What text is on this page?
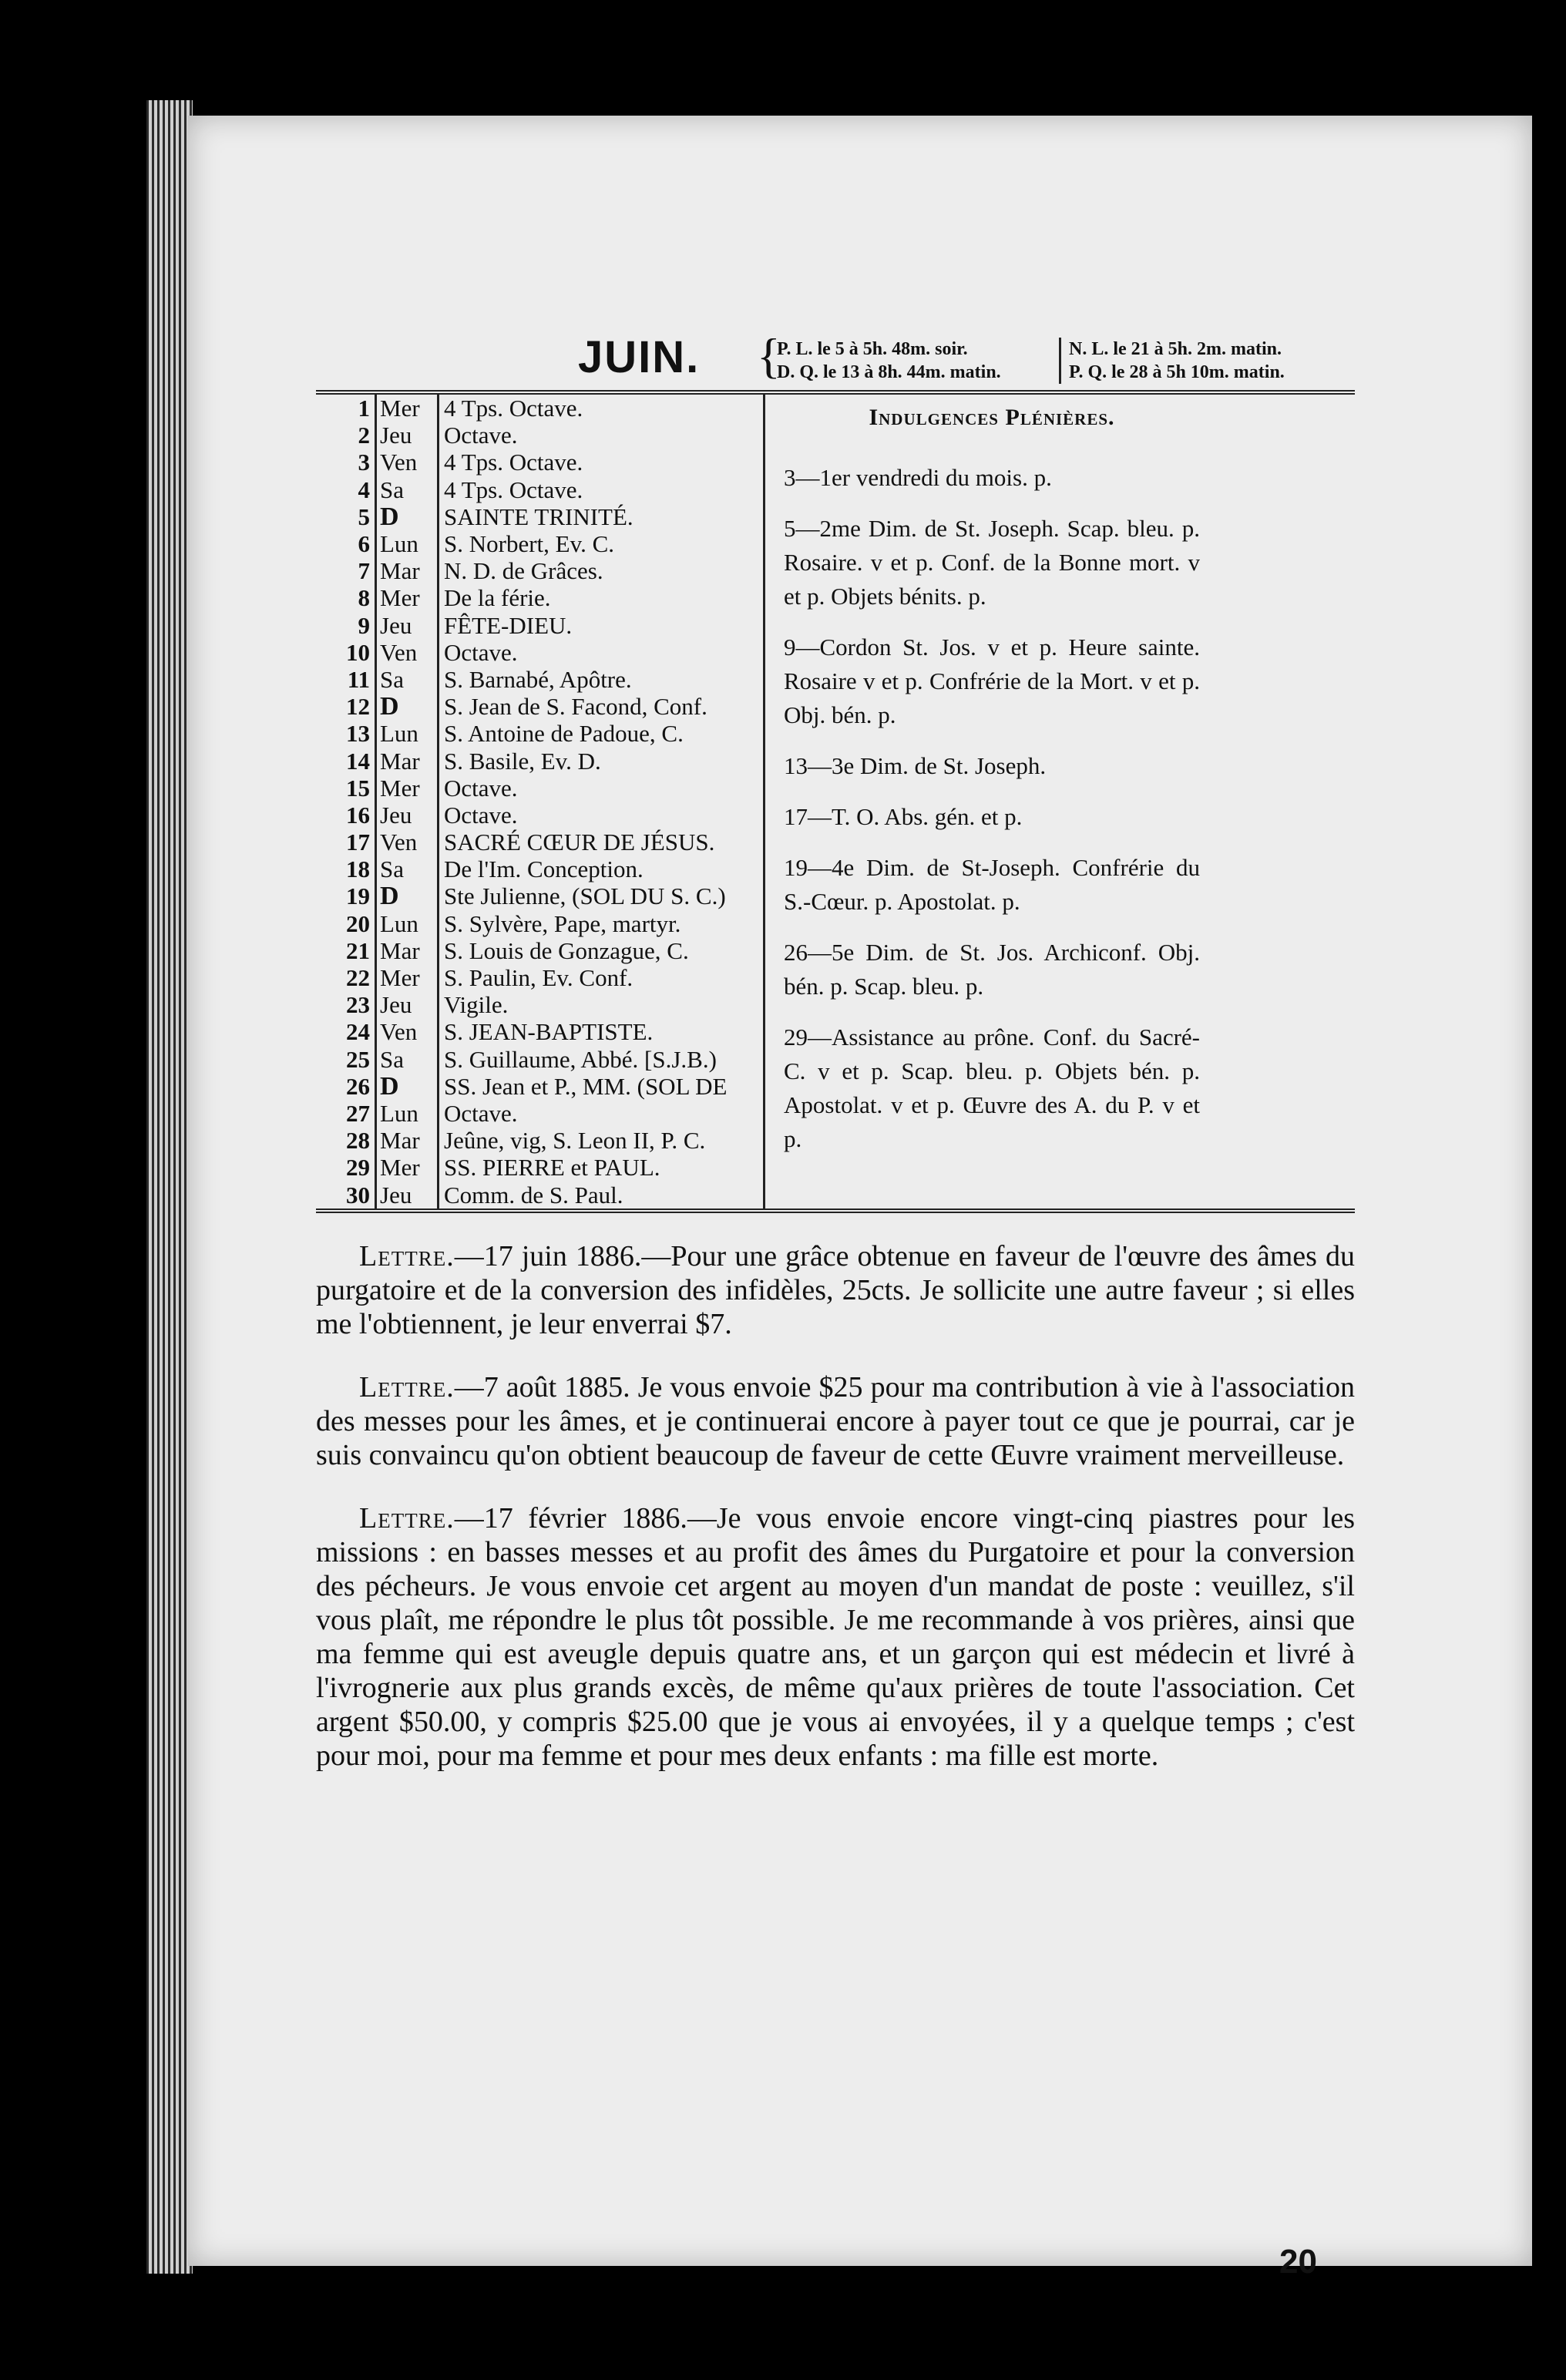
JUIN. {
P. L. le 5 à 5h. 48m. soir.
D. Q. le 13 à 8h. 44m. matin.
N. L. le 21 à 5h. 2m. matin.
P. Q. le 28 à 5h 10m. matin.
1 Mer	4 Tps. Octave.
2 Jeu	Octave.
3 Ven	4 Tps. Octave.
4 Sa	4 Tps. Octave.
5 D	SAINTE TRINITÉ.
6 Lun	S. Norbert, Ev. C.
7 Mar	N. D. de Grâces.
8 Mer	De la férie.
9 Jeu	FÊTE-DIEU.
10 Ven	Octave.
11 Sa	S. Barnabé, Apôtre.
12 D	S. Jean de S. Facond, Conf.
13 Lun	S. Antoine de Padoue, C.
14 Mar	S. Basile, Ev. D.
15 Mer	Octave.
16 Jeu	Octave.
17 Ven	SACRÉ CŒUR DE JÉSUS.
18 Sa	De l'Im. Conception.
19 D	Ste Julienne, (SOL DU S. C.)
20 Lun	S. Sylvère, Pape, martyr.
21 Mar	S. Louis de Gonzague, C.
22 Mer	S. Paulin, Ev. Conf.
23 Jeu	Vigile.
24 Ven	S. JEAN-BAPTISTE.
25 Sa	S. Guillaume, Abbé. [S.J.B.)
26 D	SS. Jean et P., MM. (SOL DE
27 Lun	Octave.
28 Mar	Jeûne, vig, S. Leon II, P. C.
29 Mer	SS. PIERRE et PAUL.
30 Jeu	Comm. de S. Paul.
Indulgences Plénières.
3—1er vendredi du mois. p.
5—2me Dim. de St. Joseph. Scap. bleu. p. Rosaire. v et p. Conf. de la Bonne mort. v et p. Objets bénits. p.
9—Cordon St. Jos. v et p. Heure sainte. Rosaire v et p. Confrérie de la Mort. v et p. Obj. bén. p.
13—3e Dim. de St. Joseph.
17—T. O. Abs. gén. et p.
19—4e Dim. de St-Joseph. Confrérie du S.-Cœur. p. Apostolat. p.
26—5e Dim. de St. Jos. Archiconf. Obj. bén. p. Scap. bleu. p.
29—Assistance au prône. Conf. du Sacré-C. v et p. Scap. bleu. p. Objets bén. p. Apostolat. v et p. Œuvre des A. du P. v et p.

Lettre.—17 juin 1886.—Pour une grâce obtenue en faveur de l'œuvre des âmes du purgatoire et de la conversion des infidèles, 25cts. Je sollicite une autre faveur ; si elles me l'obtiennent, je leur enverrai $7.

Lettre.—7 août 1885. Je vous envoie $25 pour ma contribution à vie à l'association des messes pour les âmes, et je continuerai encore à payer tout ce que je pourrai, car je suis convaincu qu'on obtient beaucoup de faveur de cette Œuvre vraiment merveilleuse.

Lettre.—17 février 1886.—Je vous envoie encore vingt-cinq piastres pour les missions : en basses messes et au profit des âmes du Purgatoire et pour la conversion des pécheurs. Je vous envoie cet argent au moyen d'un mandat de poste : veuillez, s'il vous plaît, me répondre le plus tôt possible. Je me recommande à vos prières, ainsi que ma femme qui est aveugle depuis quatre ans, et un garçon qui est médecin et livré à l'ivrognerie aux plus grands excès, de même qu'aux prières de toute l'association. Cet argent $50.00, y compris $25.00 que je vous ai envoyées, il y a quelque temps ; c'est pour moi, pour ma femme et pour mes deux enfants : ma fille est morte.

20
